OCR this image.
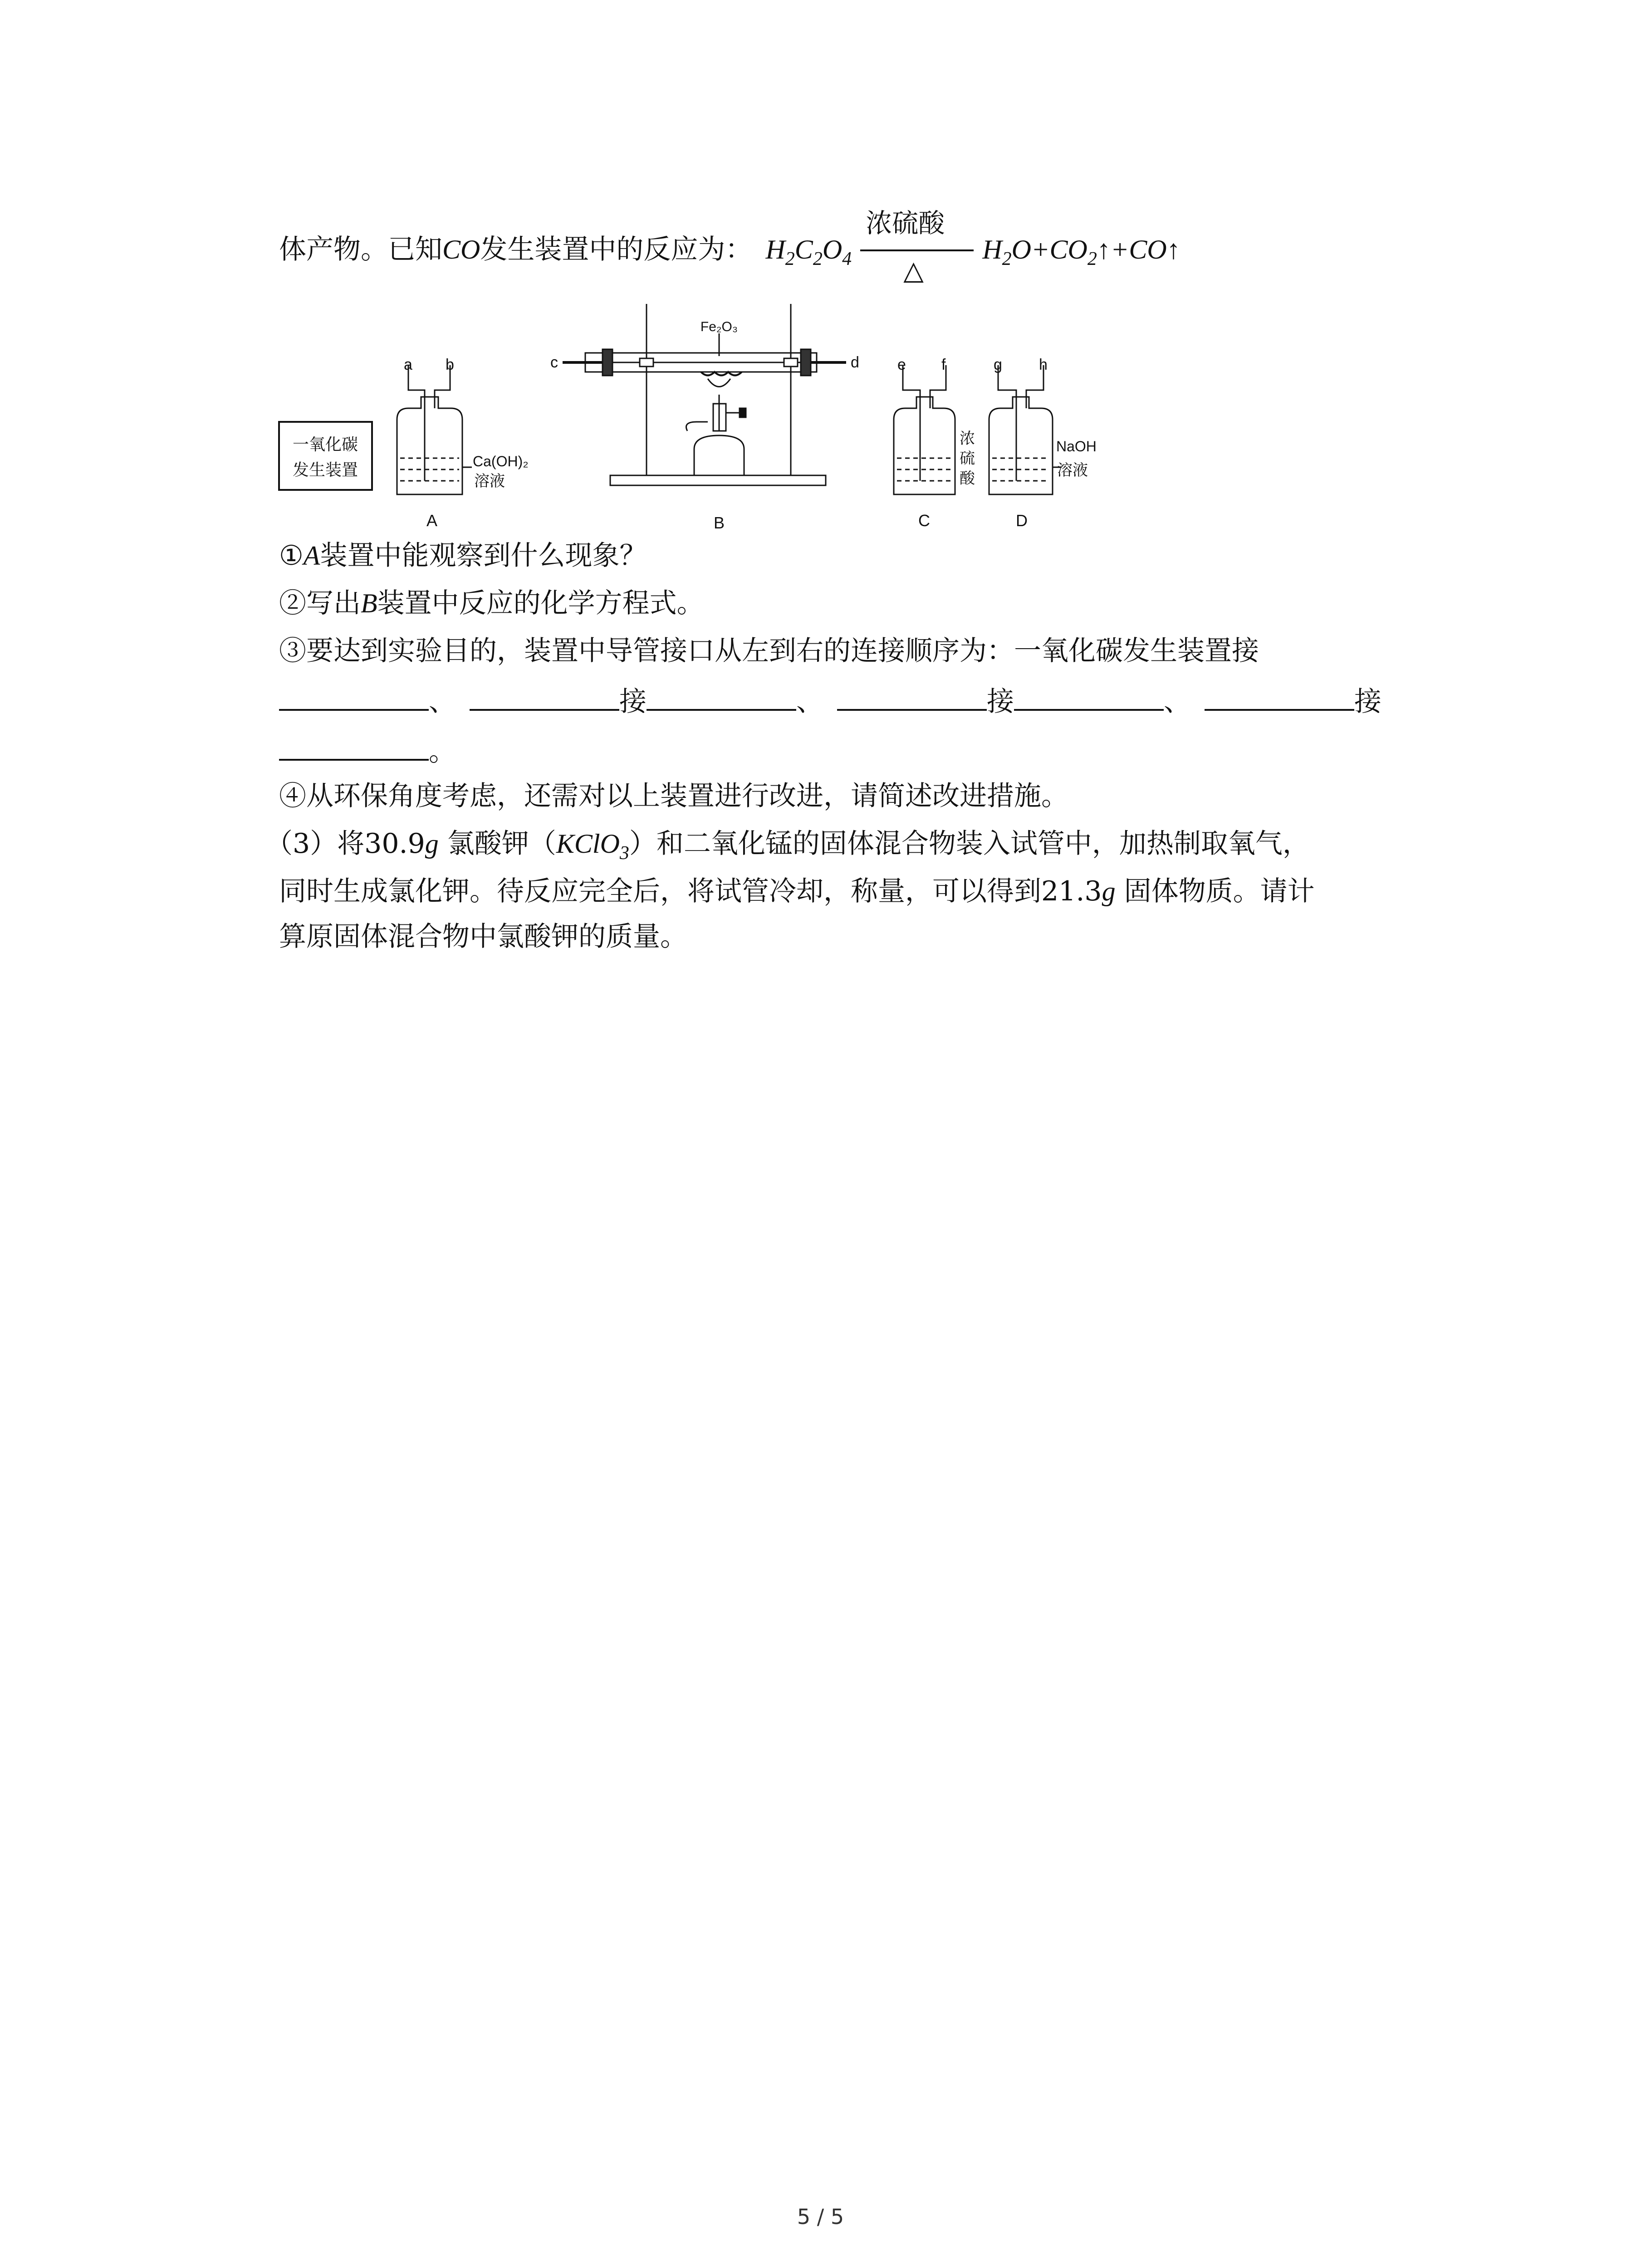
体产物。已知CO发生装置中的反应为： $H_2C_2O_4 \frac{\text{浓硫酸}}{\triangle}$ $H_2O+CO_2↑+CO↑$
一氧化碳
发生装置
a b
Ca(OH)₂
溶液
A
Fe₂O₃
c	d
B
e f
浓
硫
酸
C
g h
NaOH
溶液
D
①A装置中能观察到什么现象？
②写出B装置中反应的化学方程式。
③要达到实验目的，装置中导管接口从左到右的连接顺序为：一氧化碳发生装置接
、	接	、	接	、	接
。
④从环保角度考虑，还需对以上装置进行改进，请简述改进措施。
（3）将30.9g 氯酸钾（KClO$_3$）和二氧化锰的固体混合物装入试管中，加热制取氧气，
同时生成氯化钾。待反应完全后，将试管冷却，称量，可以得到21.3g 固体物质。请计
算原固体混合物中氯酸钾的质量。
5 / 5
